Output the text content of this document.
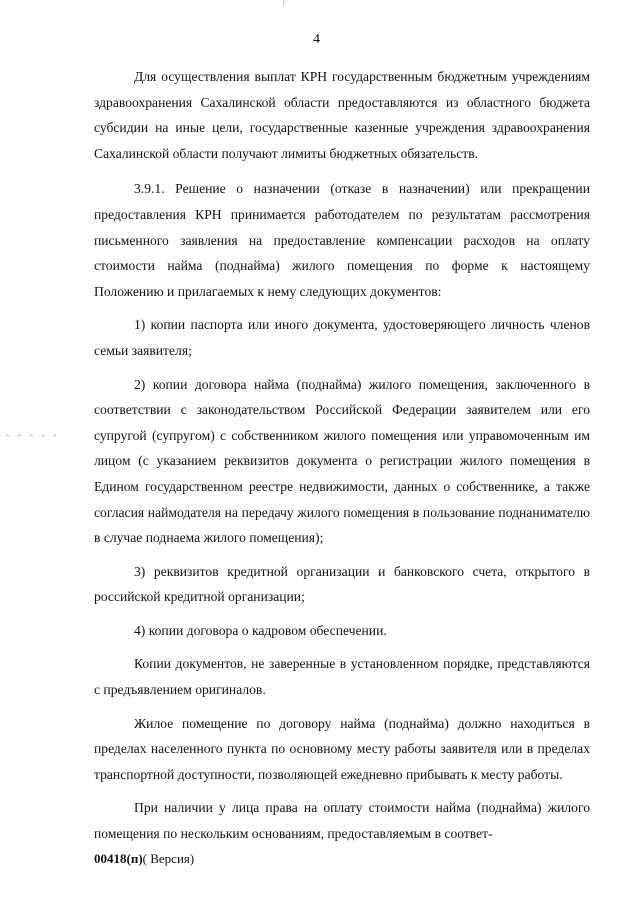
4
- - - - -

Для осуществления выплат КРН государственным бюджетным учреждениям здравоохранения Сахалинской области предоставляются из областного бюджета субсидии на иные цели, государственные казенные учреждения здравоохранения Сахалинской области получают лимиты бюджетных обязательств.

3.9.1. Решение о назначении (отказе в назначении) или прекращении предоставления КРН принимается работодателем по результатам рассмотрения письменного заявления на предоставление компенсации расходов на оплату стоимости найма (поднайма) жилого помещения по форме к настоящему Положению и прилагаемых к нему следующих документов:

1) копии паспорта или иного документа, удостоверяющего личность членов семьи заявителя;

2) копии договора найма (поднайма) жилого помещения, заключенного в соответствии с законодательством Российской Федерации заявителем или его супругой (супругом) с собственником жилого помещения или управомоченным им лицом (с указанием реквизитов документа о регистрации жилого помещения в Едином государственном реестре недвижимости, данных о собственнике, а также согласия наймодателя на передачу жилого помещения в пользование поднанимателю в случае поднаема жилого помещения);

3) реквизитов кредитной организации и банковского счета, открытого в российской кредитной организации;

4) копии договора о кадровом обеспечении.

Копии документов, не заверенные в установленном порядке, представляются с предъявлением оригиналов.

Жилое помещение по договору найма (поднайма) должно находиться в пределах населенного пункта по основному месту работы заявителя или в пределах транспортной доступности, позволяющей ежедневно прибывать к месту работы.

При наличии у лица права на оплату стоимости найма (поднайма) жилого помещения по нескольким основаниям, предоставляемым в соответ-

00418(п)( Версия)
